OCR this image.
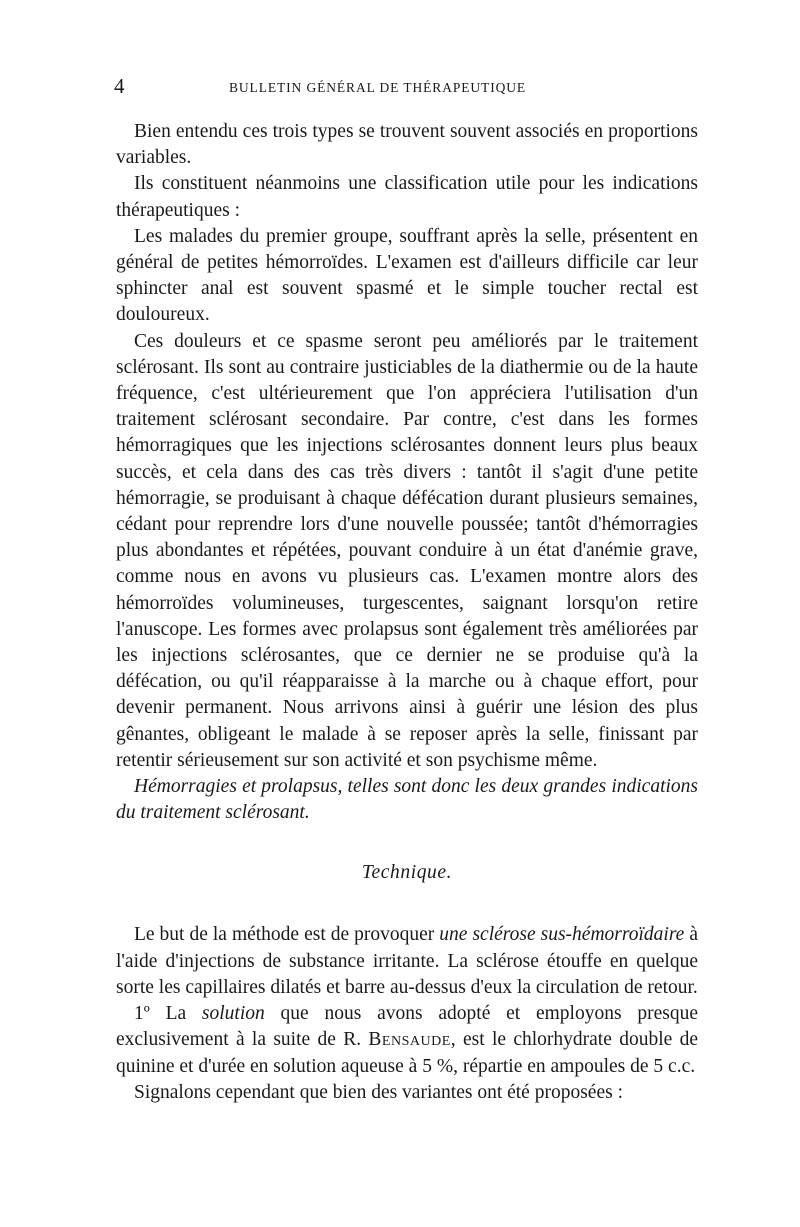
4	BULLETIN GÉNÉRAL DE THÉRAPEUTIQUE

Bien entendu ces trois types se trouvent souvent associés en proportions variables.

Ils constituent néanmoins une classification utile pour les indications thérapeutiques :

Les malades du premier groupe, souffrant après la selle, présentent en général de petites hémorroïdes. L'examen est d'ailleurs difficile car leur sphincter anal est souvent spasmé et le simple toucher rectal est douloureux.

Ces douleurs et ce spasme seront peu améliorés par le traitement sclérosant. Ils sont au contraire justiciables de la diathermie ou de la haute fréquence, c'est ultérieurement que l'on appréciera l'utilisation d'un traitement sclérosant secondaire. Par contre, c'est dans les formes hémorragiques que les injections sclérosantes donnent leurs plus beaux succès, et cela dans des cas très divers : tantôt il s'agit d'une petite hémorragie, se produisant à chaque défécation durant plusieurs semaines, cédant pour reprendre lors d'une nouvelle poussée; tantôt d'hémorragies plus abondantes et répétées, pouvant conduire à un état d'anémie grave, comme nous en avons vu plusieurs cas. L'examen montre alors des hémorroïdes volumineuses, turgescentes, saignant lorsqu'on retire l'anuscope. Les formes avec prolapsus sont également très améliorées par les injections sclérosantes, que ce dernier ne se produise qu'à la défécation, ou qu'il réapparaisse à la marche ou à chaque effort, pour devenir permanent. Nous arrivons ainsi à guérir une lésion des plus gênantes, obligeant le malade à se reposer après la selle, finissant par retentir sérieusement sur son activité et son psychisme même.

Hémorragies et prolapsus, telles sont donc les deux grandes indications du traitement sclérosant.

Technique.

Le but de la méthode est de provoquer une sclérose sus-hémorroïdaire à l'aide d'injections de substance irritante. La sclérose étouffe en quelque sorte les capillaires dilatés et barre au-dessus d'eux la circulation de retour.

1º La solution que nous avons adopté et employons presque exclusivement à la suite de R. Bensaude, est le chlorhydrate double de quinine et d'urée en solution aqueuse à 5 %, répartie en ampoules de 5 c.c.

Signalons cependant que bien des variantes ont été proposées :
